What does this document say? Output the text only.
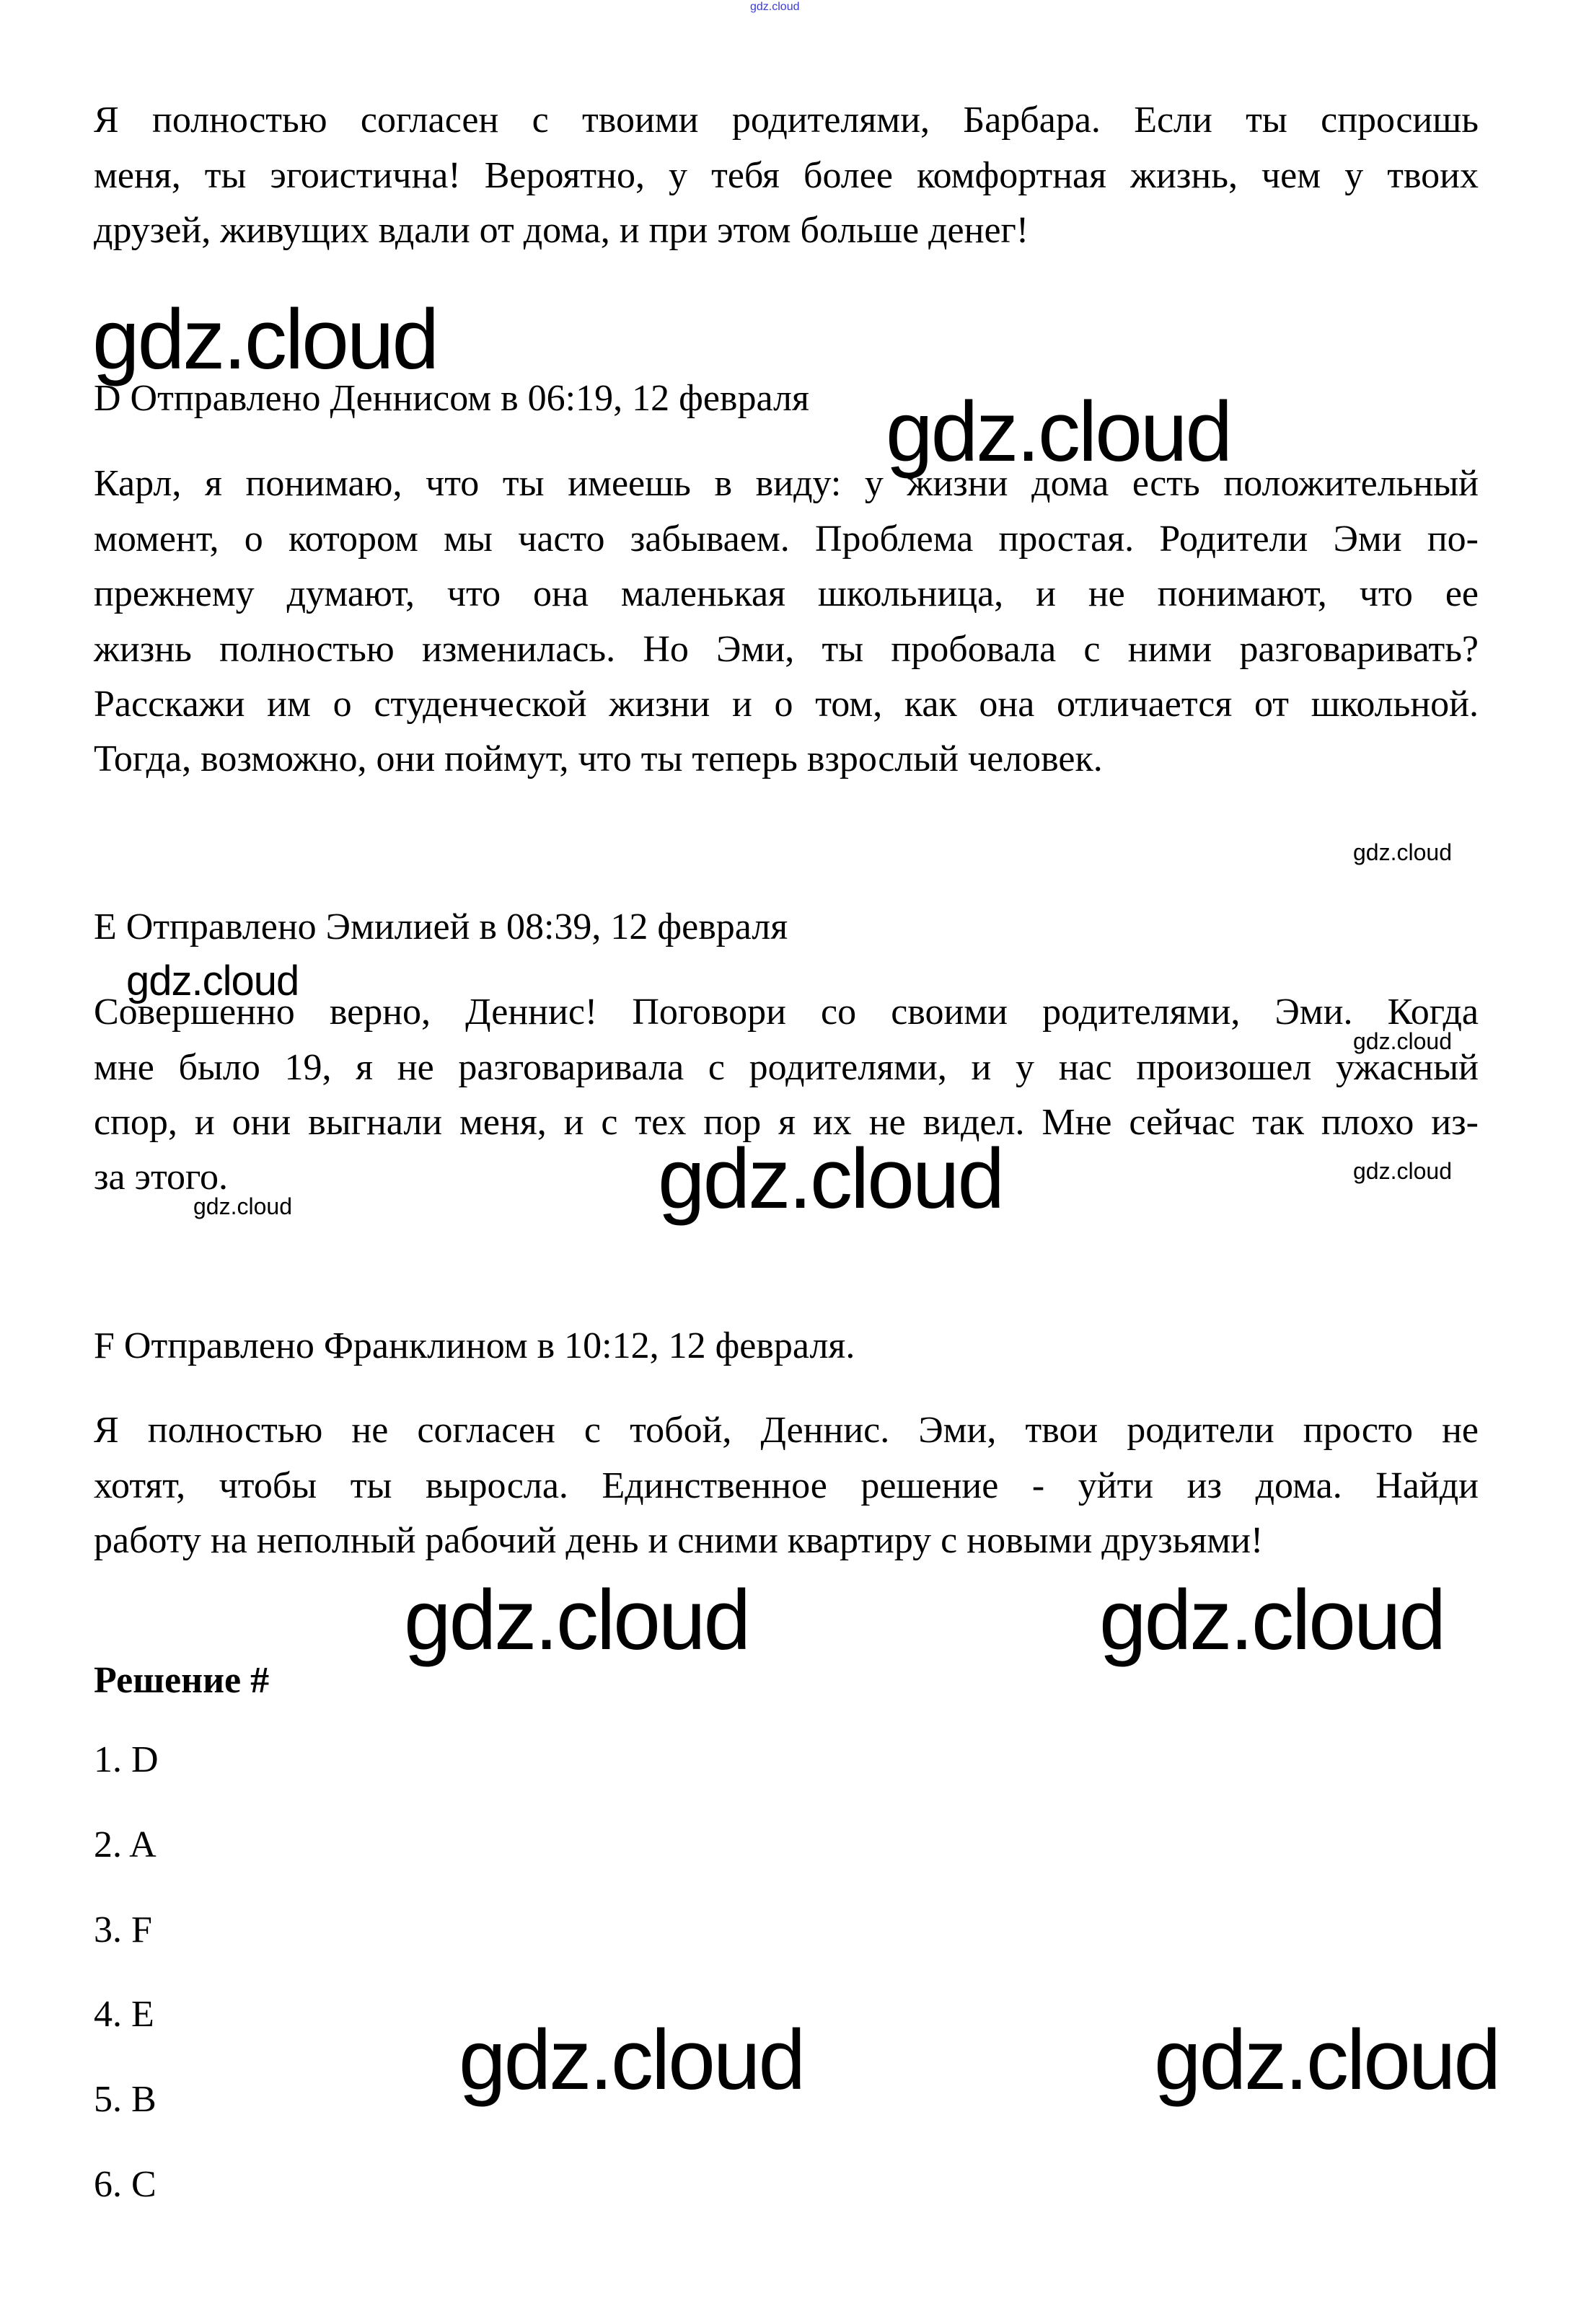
gdz.cloud
Я полностью согласен с твоими родителями, Барбара. Если ты спросишь
меня, ты эгоистична! Вероятно, у тебя более комфортная жизнь, чем у твоих
друзей, живущих вдали от дома, и при этом больше денег!
gdz.cloud
D Отправлено Деннисом в 06:19, 12 февраля gdz.cloud
Карл, я понимаю, что ты имеешь в виду: у жизни дома есть положительный
момент, о котором мы часто забываем. Проблема простая. Родители Эми по-
прежнему думают, что она маленькая школьница, и не понимают, что ее
жизнь полностью изменилась. Но Эми, ты пробовала с ними разговаривать?
Расскажи им о студенческой жизни и о том, как она отличается от школьной.
Тогда, возможно, они поймут, что ты теперь взрослый человек.
gdz.cloud
E Отправлено Эмилией в 08:39, 12 февраля
gdz.cloud
Совершенно верно, Деннис! Поговори со своими родителями, Эми. Когда
gdz.cloud
мне было 19, я не разговаривала с родителями, и у нас произошел ужасный
спор, и они выгнали меня, и с тех пор я их не видел. Мне сейчас так плохо из-
за этого.	gdz.cloud	gdz.cloud
gdz.cloud
F Отправлено Франклином в 10:12, 12 февраля.
Я полностью не согласен с тобой, Деннис. Эми, твои родители просто не
хотят, чтобы ты выросла. Единственное решение - уйти из дома. Найди
работу на неполный рабочий день и сними квартиру с новыми друзьями!
gdz.cloud	gdz.cloud
Решение #
1. D
2. A
3. F
4. E
5. B
6. C
gdz.cloud	gdz.cloud
